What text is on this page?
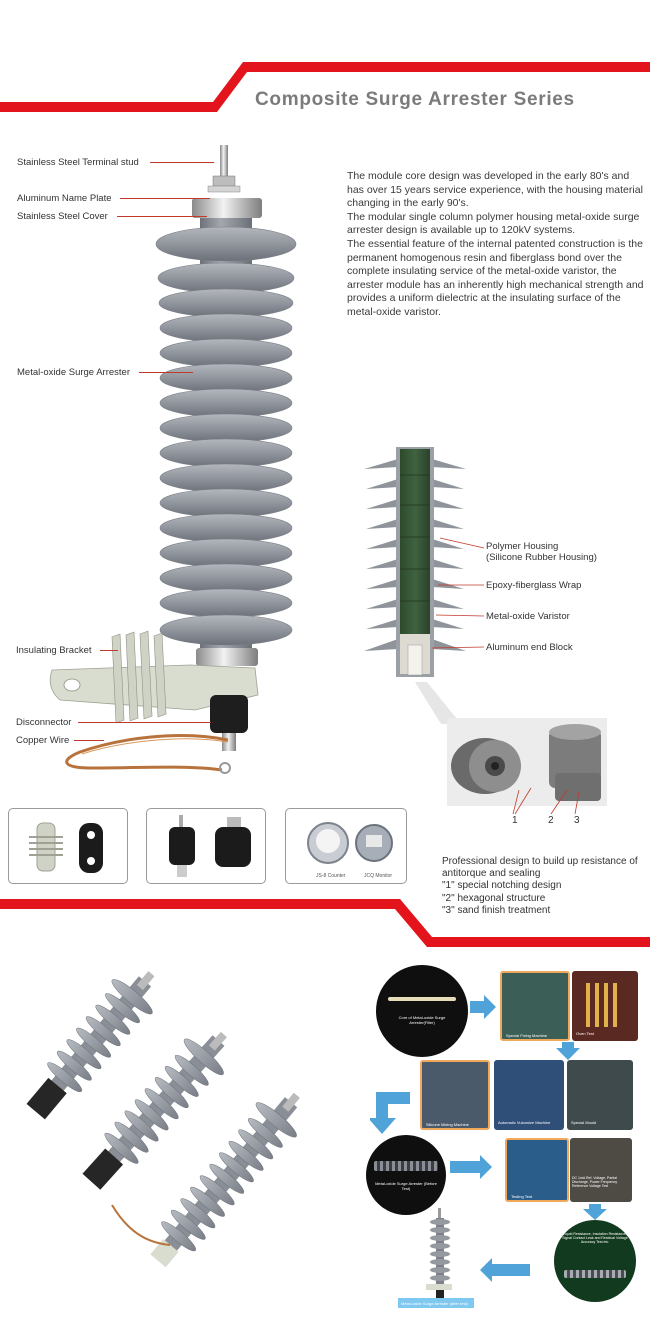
Composite Surge Arrester Series
Stainless Steel Terminal stud
Aluminum Name Plate
Stainless Steel Cover
Metal-oxide Surge Arrester
Insulating Bracket
Disconnector
Copper Wire

The module core design was developed in the early 80's and has over 15 years service experience, with the housing material changing in the early 90's.

The modular single column polymer housing metal-oxide surge arrester design is available up to 120kV systems.

The essential feature of the internal patented construction is the permanent homogenous resin and fiberglass bond over the complete insulating service of the metal-oxide varistor, the arrester module has an inherently high mechanical strength and provides a uniform dielectric at the insulating surface of the metal-oxide varistor.

Polymer Housing
(Silicone Rubber Housing)
Epoxy-fiberglass Wrap
Metal-oxide Varistor
Aluminum end Block
1	2 3
JS-8 Counter	JCQ Monitor
Professional design to build up resistance of antitorque and sealing
"1" special notching design
"2" hexagonal structure
"3" sand finish treatment
Core of Metal-oxide Surge Arrester(Filler)
Special Fixing Machine	Oven Test
Silicone Mixing Machine	Automatic Vulcanize Machine	Special Mould
Metal-oxide Surge Arrester (Before Test)
Testing Test
DC 1mA Ref. Voltage, Partial Discharge, Power Frequency Reference Voltage Test
Liquid Resistance, Insulation Resistance, Signal Contact Leak and Residual Voltage Accuracy Test etc.
Metal-oxide Surge Arrester (after test)
